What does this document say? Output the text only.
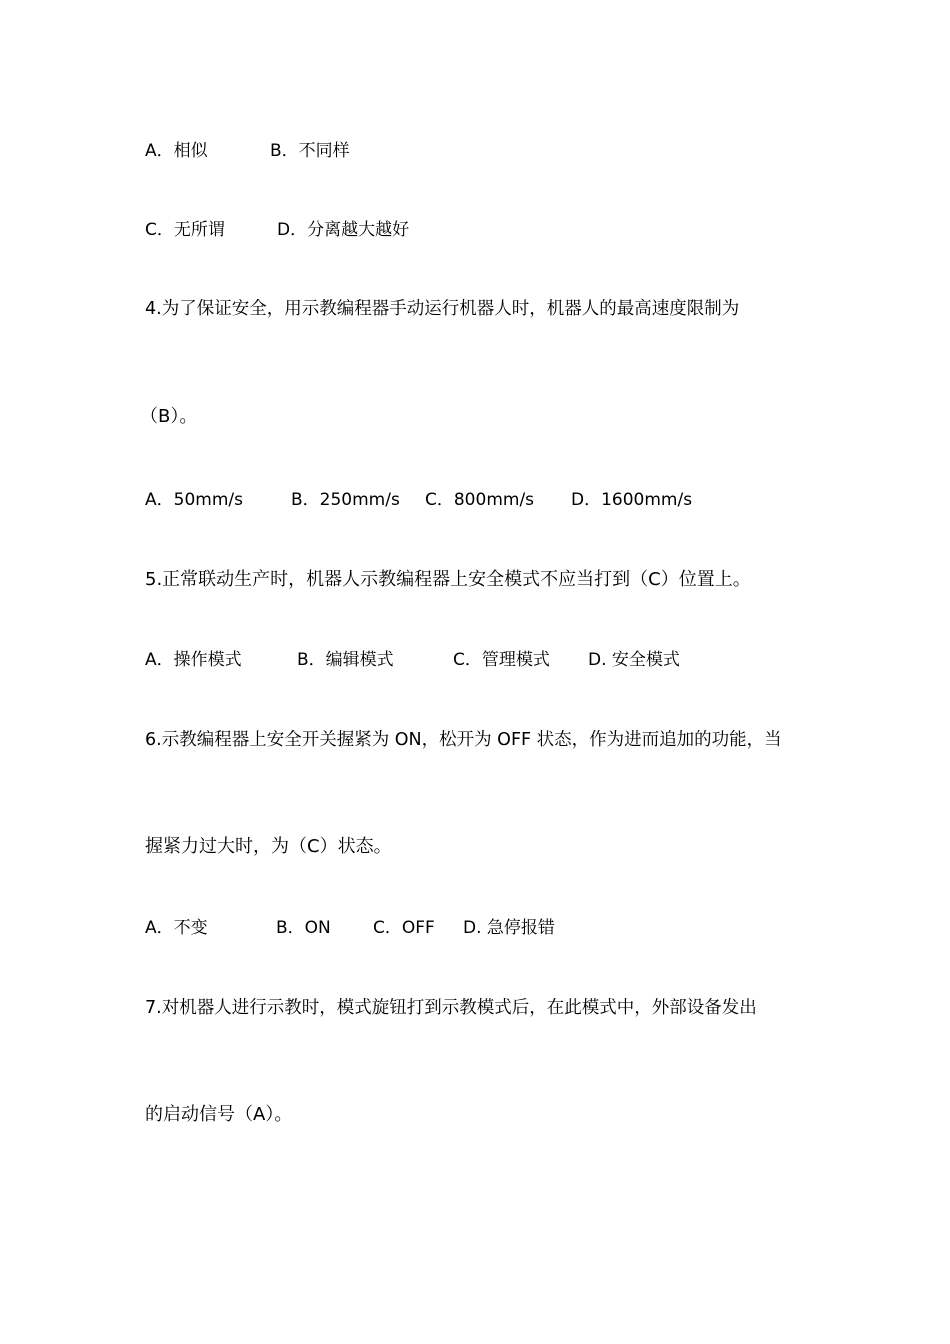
A．相似	B．不同样
C．无所谓	D．分离越大越好
4.为了保证安全，用示教编程器手动运行机器人时，机器人的最高速度限制为
（B）。
A．50mm/s	B．250mm/s C．800mm/s D．1600mm/s
5.正常联动生产时，机器人示教编程器上安全模式不应当打到（C）位置上。
A．操作模式	B．编辑模式	C．管理模式 D. 安全模式
6.示教编程器上安全开关握紧为 ON，松开为 OFF 状态，作为进而追加的功能，当
握紧力过大时，为（C）状态。
A．不变	B．ON C．OFF D. 急停报错
7.对机器人进行示教时，模式旋钮打到示教模式后，在此模式中，外部设备发出
的启动信号（A）。
